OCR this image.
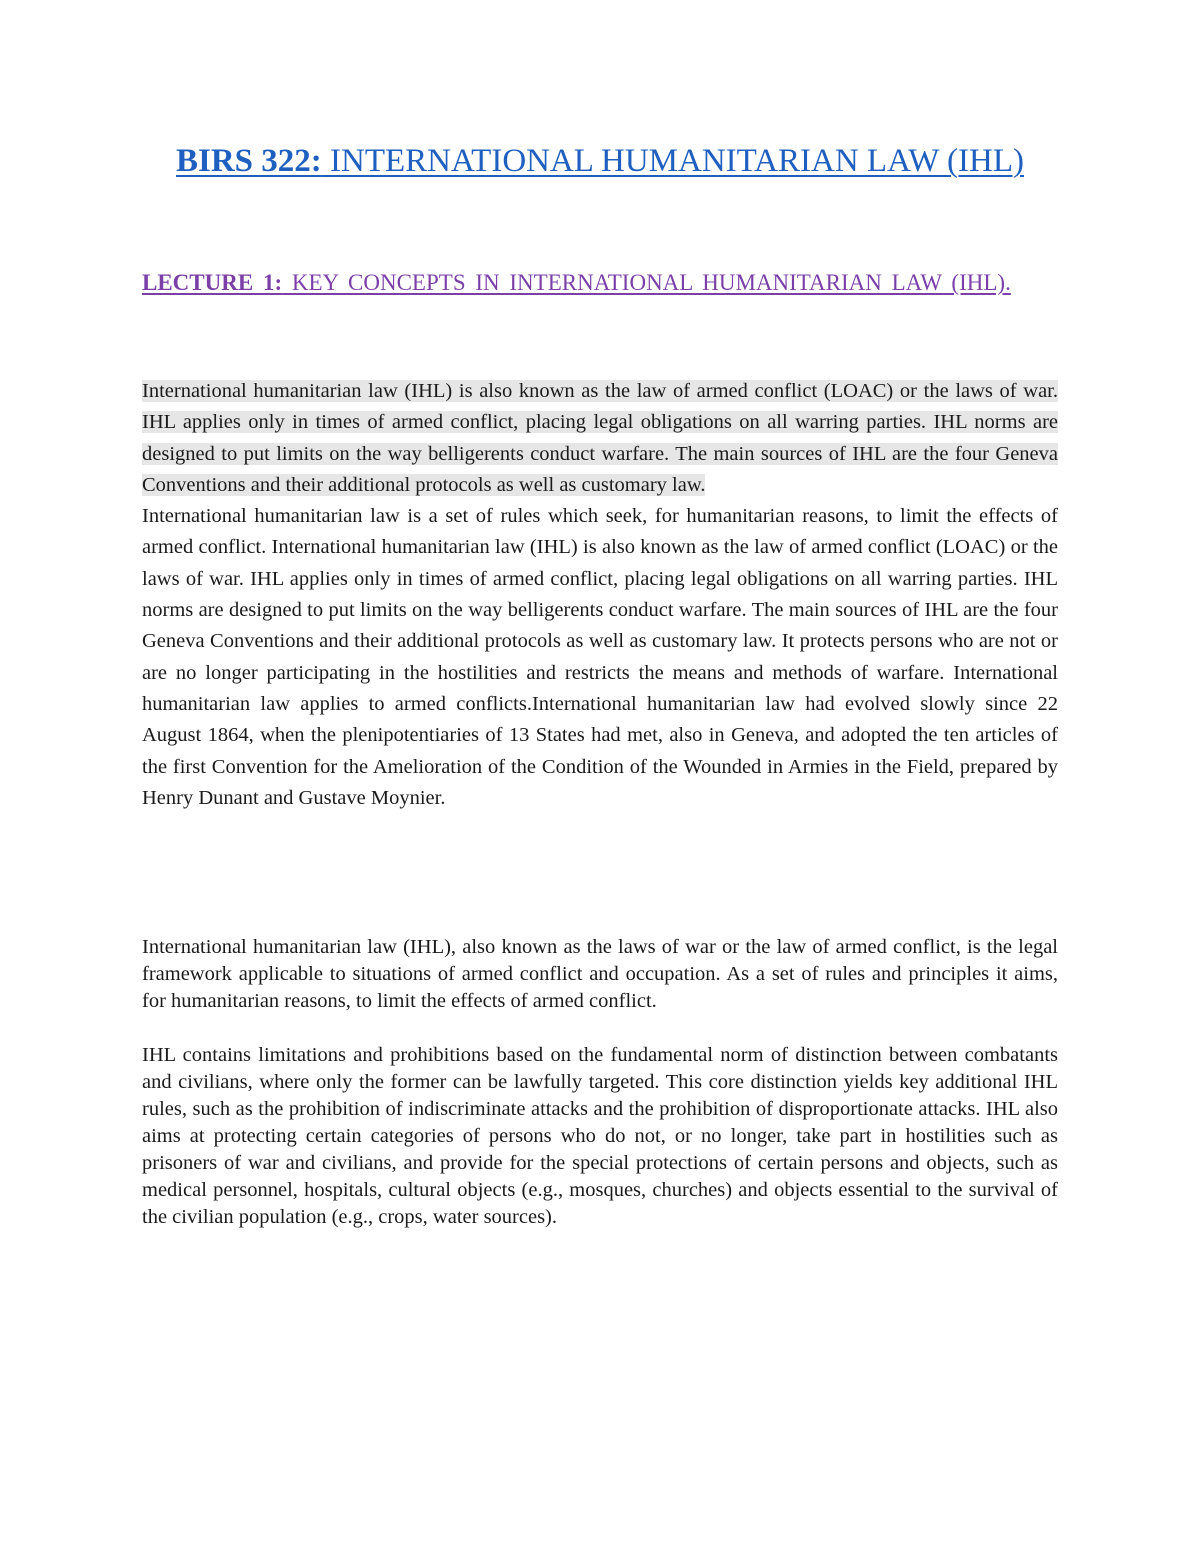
BIRS 322: INTERNATIONAL HUMANITARIAN LAW (IHL)
LECTURE 1: KEY CONCEPTS IN INTERNATIONAL HUMANITARIAN LAW (IHL).
International humanitarian law (IHL) is also known as the law of armed conflict (LOAC) or the laws of war. IHL applies only in times of armed conflict, placing legal obligations on all warring parties. IHL norms are designed to put limits on the way belligerents conduct warfare. The main sources of IHL are the four Geneva Conventions and their additional protocols as well as customary law.
International humanitarian law is a set of rules which seek, for humanitarian reasons, to limit the effects of armed conflict. International humanitarian law (IHL) is also known as the law of armed conflict (LOAC) or the laws of war. IHL applies only in times of armed conflict, placing legal obligations on all warring parties. IHL norms are designed to put limits on the way belligerents conduct warfare. The main sources of IHL are the four Geneva Conventions and their additional protocols as well as customary law. It protects persons who are not or are no longer participating in the hostilities and restricts the means and methods of warfare. International humanitarian law applies to armed conflicts.International humanitarian law had evolved slowly since 22 August 1864, when the plenipotentiaries of 13 States had met, also in Geneva, and adopted the ten articles of the first Convention for the Amelioration of the Condition of the Wounded in Armies in the Field, prepared by Henry Dunant and Gustave Moynier.

International humanitarian law (IHL), also known as the laws of war or the law of armed conflict, is the legal framework applicable to situations of armed conflict and occupation. As a set of rules and principles it aims, for humanitarian reasons, to limit the effects of armed conflict.

IHL contains limitations and prohibitions based on the fundamental norm of distinction between combatants and civilians, where only the former can be lawfully targeted. This core distinction yields key additional IHL rules, such as the prohibition of indiscriminate attacks and the prohibition of disproportionate attacks. IHL also aims at protecting certain categories of persons who do not, or no longer, take part in hostilities such as prisoners of war and civilians, and provide for the special protections of certain persons and objects, such as medical personnel, hospitals, cultural objects (e.g., mosques, churches) and objects essential to the survival of the civilian population (e.g., crops, water sources).
